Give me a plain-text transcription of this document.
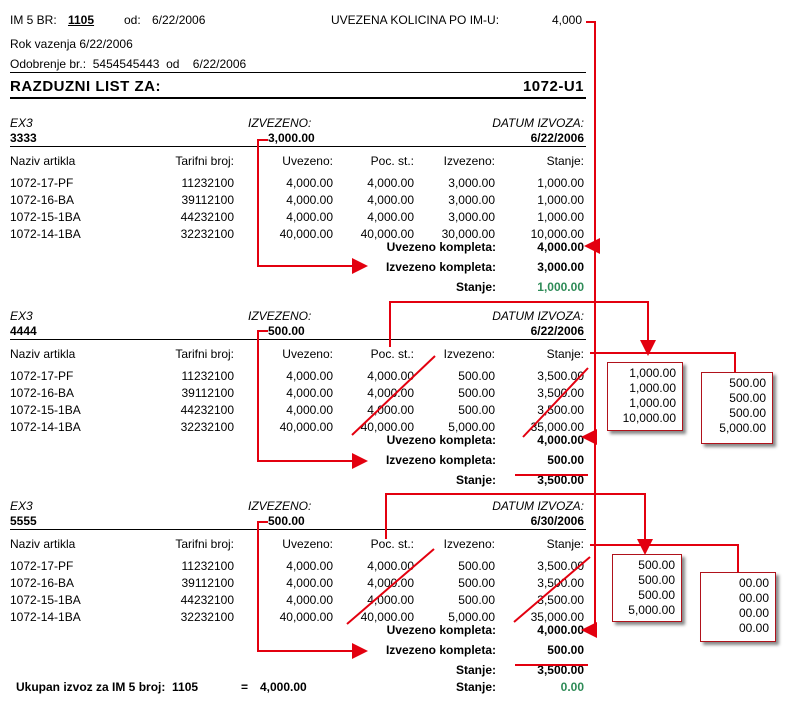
IM 5 BR: 1105 od: 6/22/2006	UVEZENA KOLICINA PO IM-U:	4,000
Rok vazenja 6/22/2006
Odobrenje br.:  5454545443  od    6/22/2006
RAZDUZNI LIST ZA:	1072-U1
EX3	IZVEZENO:	DATUM IZVOZA:
3333	3,000.00	6/22/2006
Naziv artikla	Tarifni broj:	Uvezeno:	Poc. st.:	Izvezeno:	Stanje:
1072-17-PF	11232100	4,000.00	4,000.00	3,000.00	1,000.00
1072-16-BA	39112100	4,000.00	4,000.00	3,000.00	1,000.00
1072-15-1BA	44232100	4,000.00	4,000.00	3,000.00	1,000.00
1072-14-1BA	32232100	40,000.00	40,000.00	30,000.00	10,000.00
Uvezeno kompleta:	4,000.00
Izvezeno kompleta:	3,000.00
Stanje:	1,000.00
EX3	IZVEZENO:	DATUM IZVOZA:
4444	500.00	6/22/2006
Naziv artikla	Tarifni broj:	Uvezeno:	Poc. st.:	Izvezeno:	Stanje:
1072-17-PF	11232100	4,000.00	4,000.00	500.00	3,500.00
1072-16-BA	39112100	4,000.00	4,000.00	500.00	3,500.00
1072-15-1BA	44232100	4,000.00	4,000.00	500.00	3,500.00
1072-14-1BA	32232100	40,000.00	40,000.00	5,000.00	35,000.00
Uvezeno kompleta:	4,000.00
Izvezeno kompleta:	500.00
Stanje:	3,500.00
EX3	IZVEZENO:	DATUM IZVOZA:
5555	500.00	6/30/2006
Naziv artikla	Tarifni broj:	Uvezeno:	Poc. st.:	Izvezeno:	Stanje:
1072-17-PF	11232100	4,000.00	4,000.00	500.00	3,500.00
1072-16-BA	39112100	4,000.00	4,000.00	500.00	3,500.00
1072-15-1BA	44232100	4,000.00	4,000.00	500.00	3,500.00
1072-14-1BA	32232100	40,000.00	40,000.00	5,000.00	35,000.00
Uvezeno kompleta:	4,000.00
Izvezeno kompleta:	500.00
Stanje:	3,500.00
1,000.00
1,000.00
1,000.00
10,000.00
500.00
500.00
500.00
5,000.00
500.00
500.00
500.00
5,000.00
00.00
00.00
00.00
00.00
Ukupan izvoz za IM 5 broj:  1105	= 4,000.00	Stanje:	0.00
